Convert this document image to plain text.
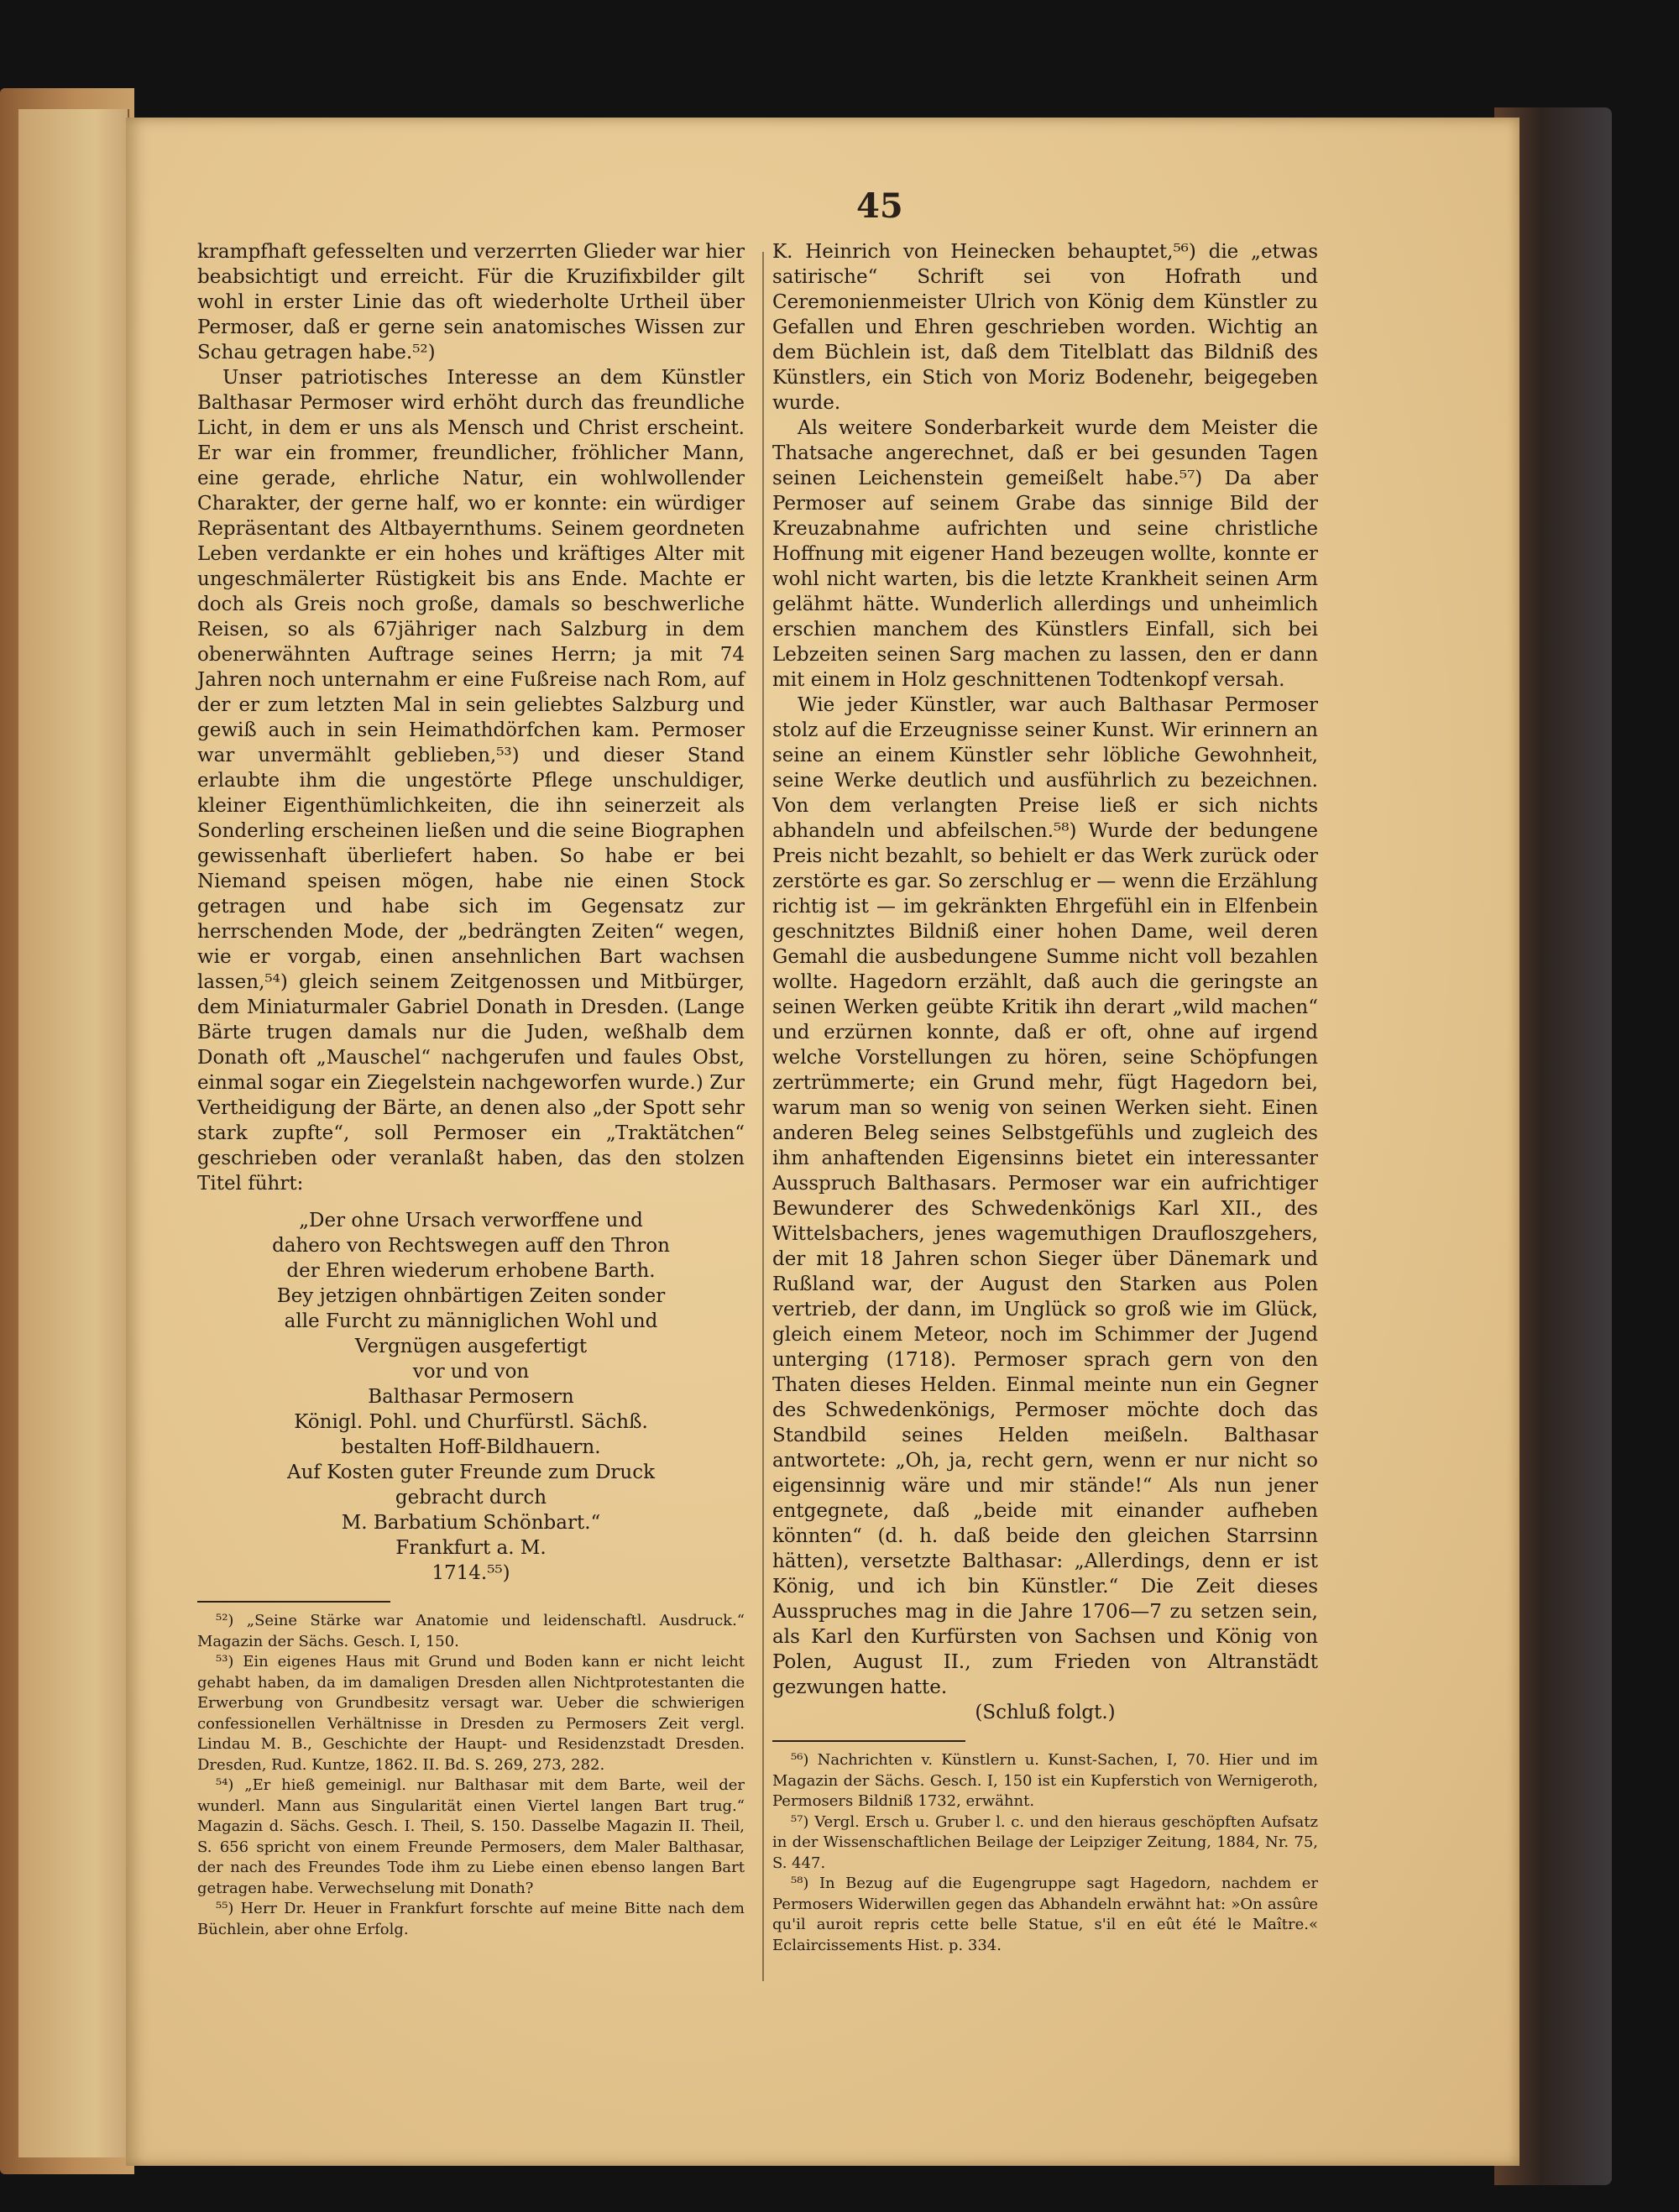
45

krampfhaft gefesselten und verzerrten Glieder war hier beabsichtigt und erreicht. Für die Kruzifixbilder gilt wohl in erster Linie das oft wiederholte Urtheil über Permoser, daß er gerne sein anatomisches Wissen zur Schau getragen habe.⁵²)

Unser patriotisches Interesse an dem Künstler Balthasar Permoser wird erhöht durch das freundliche Licht, in dem er uns als Mensch und Christ erscheint. Er war ein frommer, freundlicher, fröhlicher Mann, eine gerade, ehrliche Natur, ein wohlwollender Charakter, der gerne half, wo er konnte: ein würdiger Repräsentant des Altbayernthums. Seinem geordneten Leben verdankte er ein hohes und kräftiges Alter mit ungeschmälerter Rüstigkeit bis ans Ende. Machte er doch als Greis noch große, damals so beschwerliche Reisen, so als 67jähriger nach Salzburg in dem obenerwähnten Auftrage seines Herrn; ja mit 74 Jahren noch unternahm er eine Fußreise nach Rom, auf der er zum letzten Mal in sein geliebtes Salzburg und gewiß auch in sein Heimathdörfchen kam. Permoser war unvermählt geblieben,⁵³) und dieser Stand erlaubte ihm die ungestörte Pflege unschuldiger, kleiner Eigenthümlichkeiten, die ihn seinerzeit als Sonderling erscheinen ließen und die seine Biographen gewissenhaft überliefert haben. So habe er bei Niemand speisen mögen, habe nie einen Stock getragen und habe sich im Gegensatz zur herrschenden Mode, der „bedrängten Zeiten“ wegen, wie er vorgab, einen ansehnlichen Bart wachsen lassen,⁵⁴) gleich seinem Zeitgenossen und Mitbürger, dem Miniaturmaler Gabriel Donath in Dresden. (Lange Bärte trugen damals nur die Juden, weßhalb dem Donath oft „Mauschel“ nachgerufen und faules Obst, einmal sogar ein Ziegelstein nachgeworfen wurde.) Zur Vertheidigung der Bärte, an denen also „der Spott sehr stark zupfte“, soll Permoser ein „Traktätchen“ geschrieben oder veranlaßt haben, das den stolzen Titel führt:

„Der ohne Ursach verworffene und
dahero von Rechtswegen auff den Thron
der Ehren wiederum erhobene Barth.
Bey jetzigen ohnbärtigen Zeiten sonder
alle Furcht zu männiglichen Wohl und
Vergnügen ausgefertigt
vor und von
Balthasar Permosern
Königl. Pohl. und Churfürstl. Sächß.
bestalten Hoff-Bildhauern.
Auf Kosten guter Freunde zum Druck
gebracht durch
M. Barbatium Schönbart.“
Frankfurt a. M.
1714.⁵⁵)

⁵²) „Seine Stärke war Anatomie und leidenschaftl. Ausdruck.“ Magazin der Sächs. Gesch. I, 150.

⁵³) Ein eigenes Haus mit Grund und Boden kann er nicht leicht gehabt haben, da im damaligen Dresden allen Nichtprotestanten die Erwerbung von Grundbesitz versagt war. Ueber die schwierigen confessionellen Verhältnisse in Dresden zu Permosers Zeit vergl. Lindau M. B., Geschichte der Haupt- und Residenzstadt Dresden. Dresden, Rud. Kuntze, 1862. II. Bd. S. 269, 273, 282.

⁵⁴) „Er hieß gemeinigl. nur Balthasar mit dem Barte, weil der wunderl. Mann aus Singularität einen Viertel langen Bart trug.“ Magazin d. Sächs. Gesch. I. Theil, S. 150. Dasselbe Magazin II. Theil, S. 656 spricht von einem Freunde Permosers, dem Maler Balthasar, der nach des Freundes Tode ihm zu Liebe einen ebenso langen Bart getragen habe. Verwechselung mit Donath?

⁵⁵) Herr Dr. Heuer in Frankfurt forschte auf meine Bitte nach dem Büchlein, aber ohne Erfolg.

K. Heinrich von Heinecken behauptet,⁵⁶) die „etwas satirische“ Schrift sei von Hofrath und Ceremonienmeister Ulrich von König dem Künstler zu Gefallen und Ehren geschrieben worden. Wichtig an dem Büchlein ist, daß dem Titelblatt das Bildniß des Künstlers, ein Stich von Moriz Bodenehr, beigegeben wurde.

Als weitere Sonderbarkeit wurde dem Meister die Thatsache angerechnet, daß er bei gesunden Tagen seinen Leichenstein gemeißelt habe.⁵⁷) Da aber Permoser auf seinem Grabe das sinnige Bild der Kreuzabnahme aufrichten und seine christliche Hoffnung mit eigener Hand bezeugen wollte, konnte er wohl nicht warten, bis die letzte Krankheit seinen Arm gelähmt hätte. Wunderlich allerdings und unheimlich erschien manchem des Künstlers Einfall, sich bei Lebzeiten seinen Sarg machen zu lassen, den er dann mit einem in Holz geschnittenen Todtenkopf versah.

Wie jeder Künstler, war auch Balthasar Permoser stolz auf die Erzeugnisse seiner Kunst. Wir erinnern an seine an einem Künstler sehr löbliche Gewohnheit, seine Werke deutlich und ausführlich zu bezeichnen. Von dem verlangten Preise ließ er sich nichts abhandeln und abfeilschen.⁵⁸) Wurde der bedungene Preis nicht bezahlt, so behielt er das Werk zurück oder zerstörte es gar. So zerschlug er — wenn die Erzählung richtig ist — im gekränkten Ehrgefühl ein in Elfenbein geschnitztes Bildniß einer hohen Dame, weil deren Gemahl die ausbedungene Summe nicht voll bezahlen wollte. Hagedorn erzählt, daß auch die geringste an seinen Werken geübte Kritik ihn derart „wild machen“ und erzürnen konnte, daß er oft, ohne auf irgend welche Vorstellungen zu hören, seine Schöpfungen zertrümmerte; ein Grund mehr, fügt Hagedorn bei, warum man so wenig von seinen Werken sieht. Einen anderen Beleg seines Selbstgefühls und zugleich des ihm anhaftenden Eigensinns bietet ein interessanter Ausspruch Balthasars. Permoser war ein aufrichtiger Bewunderer des Schwedenkönigs Karl XII., des Wittelsbachers, jenes wagemuthigen Draufloszgehers, der mit 18 Jahren schon Sieger über Dänemark und Rußland war, der August den Starken aus Polen vertrieb, der dann, im Unglück so groß wie im Glück, gleich einem Meteor, noch im Schimmer der Jugend unterging (1718). Permoser sprach gern von den Thaten dieses Helden. Einmal meinte nun ein Gegner des Schwedenkönigs, Permoser möchte doch das Standbild seines Helden meißeln. Balthasar antwortete: „Oh, ja, recht gern, wenn er nur nicht so eigensinnig wäre und mir stände!“ Als nun jener entgegnete, daß „beide mit einander aufheben könnten“ (d. h. daß beide den gleichen Starrsinn hätten), versetzte Balthasar: „Allerdings, denn er ist König, und ich bin Künstler.“ Die Zeit dieses Ausspruches mag in die Jahre 1706—7 zu setzen sein, als Karl den Kurfürsten von Sachsen und König von Polen, August II., zum Frieden von Altranstädt gezwungen hatte.

(Schluß folgt.)

⁵⁶) Nachrichten v. Künstlern u. Kunst-Sachen, I, 70. Hier und im Magazin der Sächs. Gesch. I, 150 ist ein Kupferstich von Wernigeroth, Permosers Bildniß 1732, erwähnt.

⁵⁷) Vergl. Ersch u. Gruber l. c. und den hieraus geschöpften Aufsatz in der Wissenschaftlichen Beilage der Leipziger Zeitung, 1884, Nr. 75, S. 447.

⁵⁸) In Bezug auf die Eugengruppe sagt Hagedorn, nachdem er Permosers Widerwillen gegen das Abhandeln erwähnt hat: »On assûre qu'il auroit repris cette belle Statue, s'il en eût été le Maître.« Eclaircissements Hist. p. 334.
